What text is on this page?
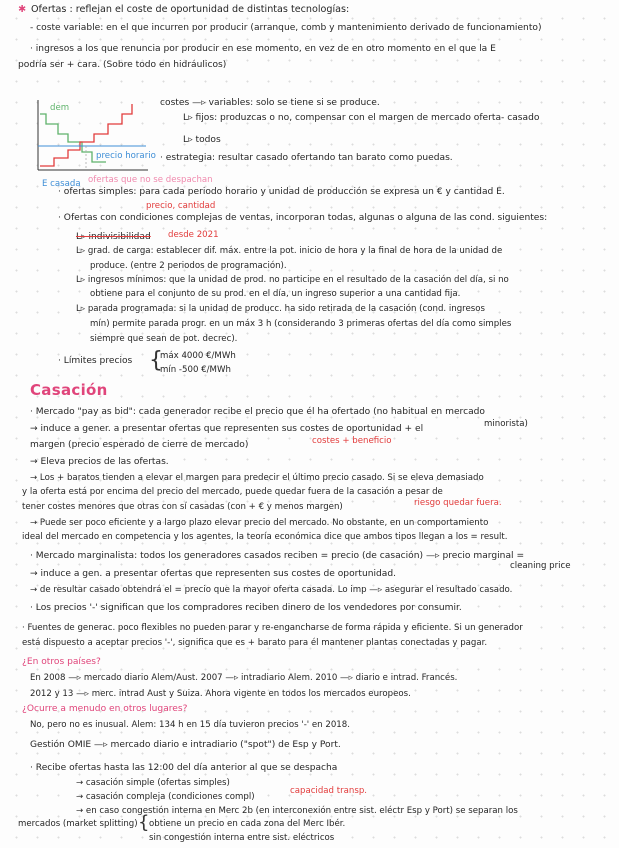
✱ Ofertas : reflejan el coste de oportunidad de distintas tecnologías:
- coste variable: en el que incurren por producir (arranque, comb y mantenimiento derivado de funcionamiento)
· ingresos a los que renuncia por producir en ese momento, en vez de en otro momento en el que la E
podría ser + cara. (Sobre todo en hidráulicos)
dem
precio horario
E casada ofertas que no se despachan
costes —▹ variables: solo se tiene si se produce.
L▹ fijos: produzcas o no, compensar con el margen de mercado oferta- casado
L▹ todos
· estrategia: resultar casado ofertando tan barato como puedas.
· ofertas simples: para cada periodo horario y unidad de producción se expresa un € y cantidad E.
precio, cantidad
· Ofertas con condiciones complejas de ventas, incorporan todas, algunas o alguna de las cond. siguientes:
L▹ indivisibilidad desde 2021
L▹ grad. de carga: establecer dif. máx. entre la pot. inicio de hora y la final de hora de la unidad de
produce. (entre 2 periodos de programación).
L▹ ingresos mínimos: que la unidad de prod. no participe en el resultado de la casación del día, si no
obtiene para el conjunto de su prod. en el día, un ingreso superior a una cantidad fija.
L▹ parada programada: si la unidad de producc. ha sido retirada de la casación (cond. ingresos
mín) permite parada progr. en un máx 3 h (considerando 3 primeras ofertas del día como simples
siempre que sean de pot. decrec).
· Límites precios {
máx 4000 €/MWh
mín -500 €/MWh
Casación
· Mercado "pay as bid": cada generador recibe el precio que él ha ofertado (no habitual en mercado
minorista)
→ induce a gener. a presentar ofertas que representen sus costes de oportunidad + el
margen (precio esperado de cierre de mercado)	costes + beneficio
→ Eleva precios de las ofertas.
→ Los + baratos tienden a elevar el margen para predecir el último precio casado. Si se eleva demasiado
y la oferta está por encima del precio del mercado, puede quedar fuera de la casación a pesar de
tener costes menores que otras con sí casadas (con + € y menos margen)	riesgo quedar fuera.
→ Puede ser poco eficiente y a largo plazo elevar precio del mercado. No obstante, en un comportamiento
ideal del mercado en competencia y los agentes, la teoría económica dice que ambos tipos llegan a los = result.
· Mercado marginalista: todos los generadores casados reciben = precio (de casación) —▹ precio marginal =
cleaning price
→ induce a gen. a presentar ofertas que representen sus costes de oportunidad.
→ de resultar casado obtendrá el = precio que la mayor oferta casada. Lo imp —▹ asegurar el resultado casado.
· Los precios '-' significan que los compradores reciben dinero de los vendedores por consumir.
· Fuentes de generac. poco flexibles no pueden parar y re-engancharse de forma rápida y eficiente. Si un generador
está dispuesto a aceptar precios '-', significa que es + barato para él mantener plantas conectadas y pagar.
¿En otros países?
En 2008 —▹ mercado diario Alem/Aust. 2007 —▹ intradiario Alem. 2010 —▹ diario e intrad. Francés.
2012 y 13 —▹ merc. intrad Aust y Suiza. Ahora vigente en todos los mercados europeos.
¿Ocurre a menudo en otros lugares?
No, pero no es inusual. Alem: 134 h en 15 día tuvieron precios '-' en 2018.
Gestión OMIE —▹ mercado diario e intradiario ("spot") de Esp y Port.
· Recibe ofertas hasta las 12:00 del día anterior al que se despacha
→ casación simple (ofertas simples)
→ casación compleja (condiciones compl)
capacidad transp.
→ en caso congestión interna en Merc 2b (en interconexión entre sist. eléctr Esp y Port) se separan los
mercados (market splitting) { obtiene un precio en cada zona del Merc Ibér.
sin congestión interna entre sist. eléctricos
